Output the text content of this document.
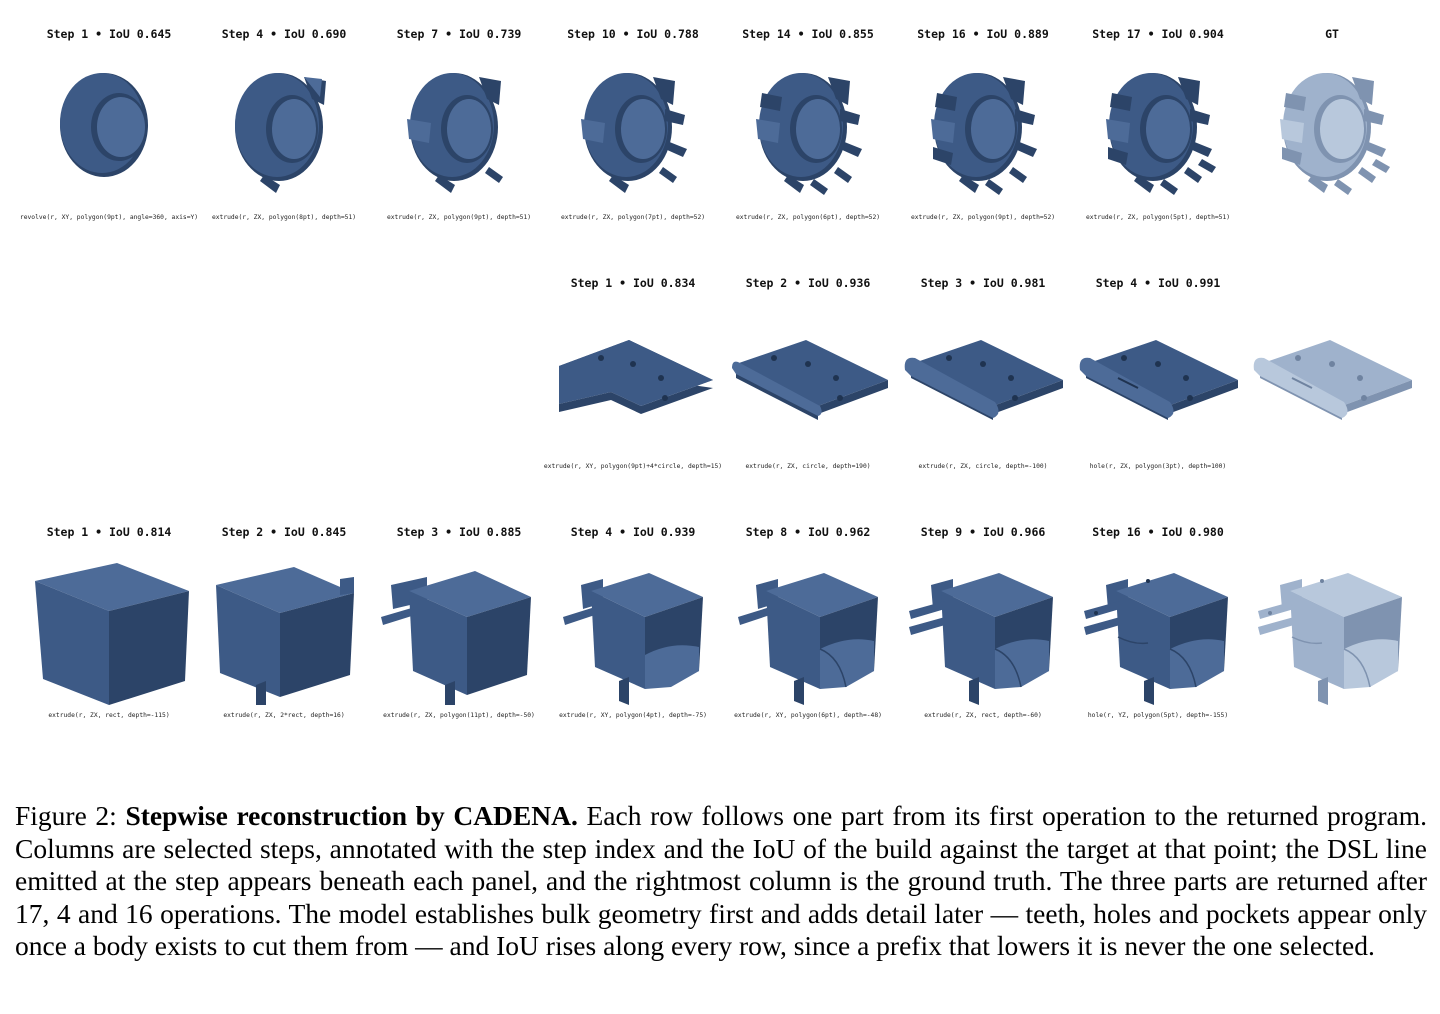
Step 1 • IoU 0.645
revolve(r, XY, polygon(9pt), angle=360, axis=Y)
Step 4 • IoU 0.690
extrude(r, ZX, polygon(8pt), depth=51)
Step 7 • IoU 0.739
extrude(r, ZX, polygon(9pt), depth=51)
Step 10 • IoU 0.788
extrude(r, ZX, polygon(7pt), depth=52)
Step 14 • IoU 0.855
extrude(r, ZX, polygon(6pt), depth=52)
Step 16 • IoU 0.889
extrude(r, ZX, polygon(9pt), depth=52)
Step 17 • IoU 0.904
extrude(r, ZX, polygon(5pt), depth=51)
GT
Step 1 • IoU 0.834
extrude(r, XY, polygon(9pt)+4*circle, depth=15)
Step 2 • IoU 0.936
extrude(r, ZX, circle, depth=190)
Step 3 • IoU 0.981
extrude(r, ZX, circle, depth=-100)
Step 4 • IoU 0.991
hole(r, ZX, polygon(3pt), depth=100)
Step 1 • IoU 0.814
extrude(r, ZX, rect, depth=-115)
Step 2 • IoU 0.845
extrude(r, ZX, 2*rect, depth=16)
Step 3 • IoU 0.885
extrude(r, ZX, polygon(11pt), depth=-50)
Step 4 • IoU 0.939
extrude(r, XY, polygon(4pt), depth=-75)
Step 8 • IoU 0.962
extrude(r, XY, polygon(6pt), depth=-48)
Step 9 • IoU 0.966
extrude(r, ZX, rect, depth=-60)
Step 16 • IoU 0.980
hole(r, YZ, polygon(5pt), depth=-155)
Figure 2: Stepwise reconstruction by CADENA. Each row follows one part from its first operation to the returned program. Columns are selected steps, annotated with the step index and the IoU of the build against the target at that point; the DSL line emitted at the step appears beneath each panel, and the rightmost column is the ground truth. The three parts are returned after 17, 4 and 16 operations. The model establishes bulk geometry first and adds detail later — teeth, holes and pockets appear only once a body exists to cut them from — and IoU rises along every row, since a prefix that lowers it is never the one selected.
